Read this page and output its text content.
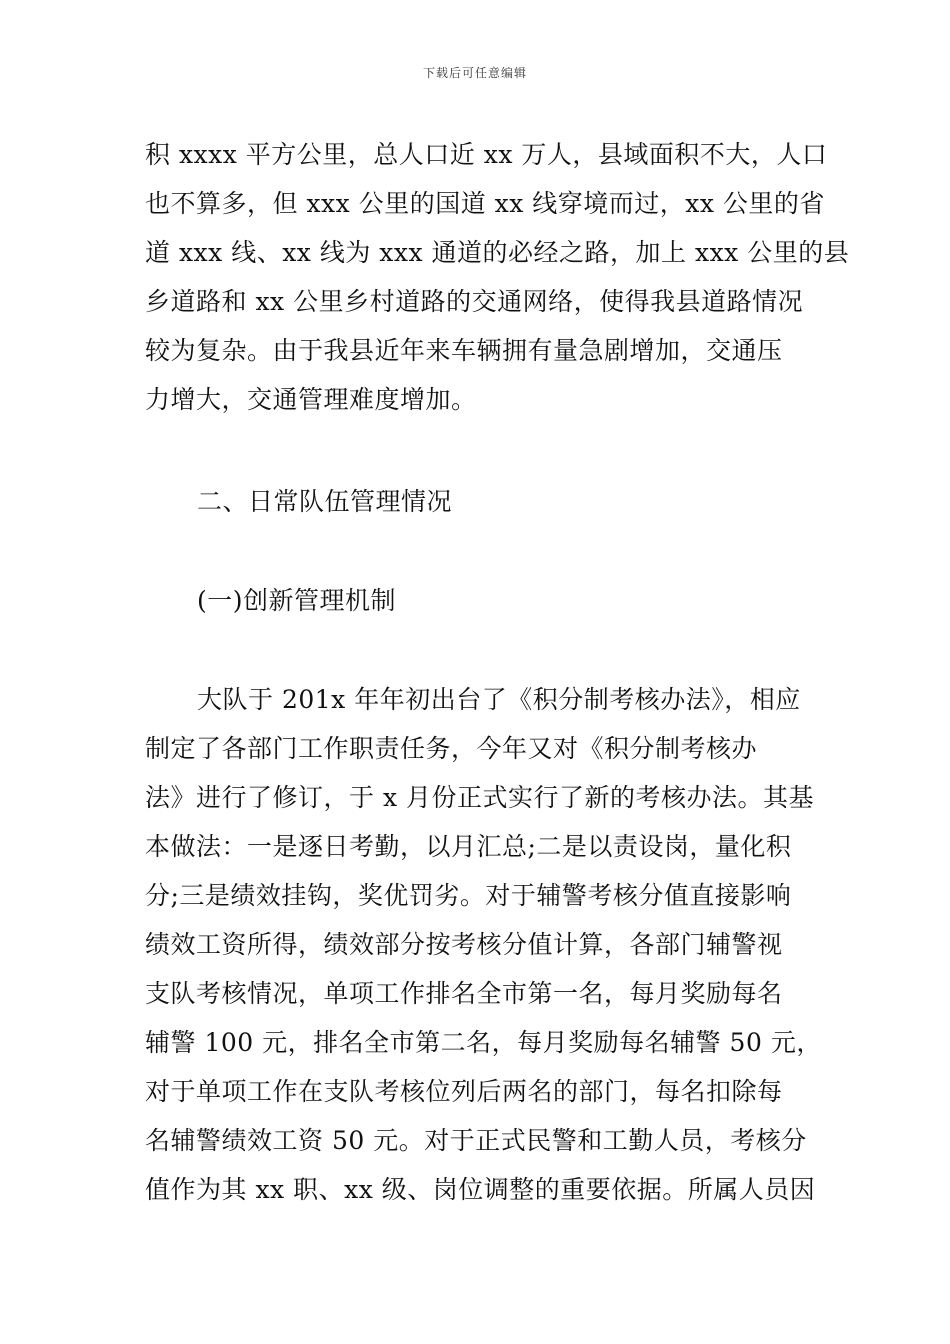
下载后可任意编辑
积 xxxx 平方公里，总人口近 xx 万人，县域面积不大，人口
也不算多，但 xxx 公里的国道 xx 线穿境而过，xx 公里的省
道 xxx 线、xx 线为 xxx 通道的必经之路，加上 xxx 公里的县
乡道路和 xx 公里乡村道路的交通网络，使得我县道路情况
较为复杂。由于我县近年来车辆拥有量急剧增加，交通压
力增大，交通管理难度增加。
二、日常队伍管理情况
(一)创新管理机制
大队于 201x 年年初出台了《积分制考核办法》，相应
制定了各部门工作职责任务，今年又对《积分制考核办
法》进行了修订，于 x 月份正式实行了新的考核办法。其基
本做法：一是逐日考勤，以月汇总;二是以责设岗，量化积
分;三是绩效挂钩，奖优罚劣。对于辅警考核分值直接影响
绩效工资所得，绩效部分按考核分值计算，各部门辅警视
支队考核情况，单项工作排名全市第一名，每月奖励每名
辅警 100 元，排名全市第二名，每月奖励每名辅警 50 元，
对于单项工作在支队考核位列后两名的部门，每名扣除每
名辅警绩效工资 50 元。对于正式民警和工勤人员，考核分
值作为其 xx 职、xx 级、岗位调整的重要依据。所属人员因
